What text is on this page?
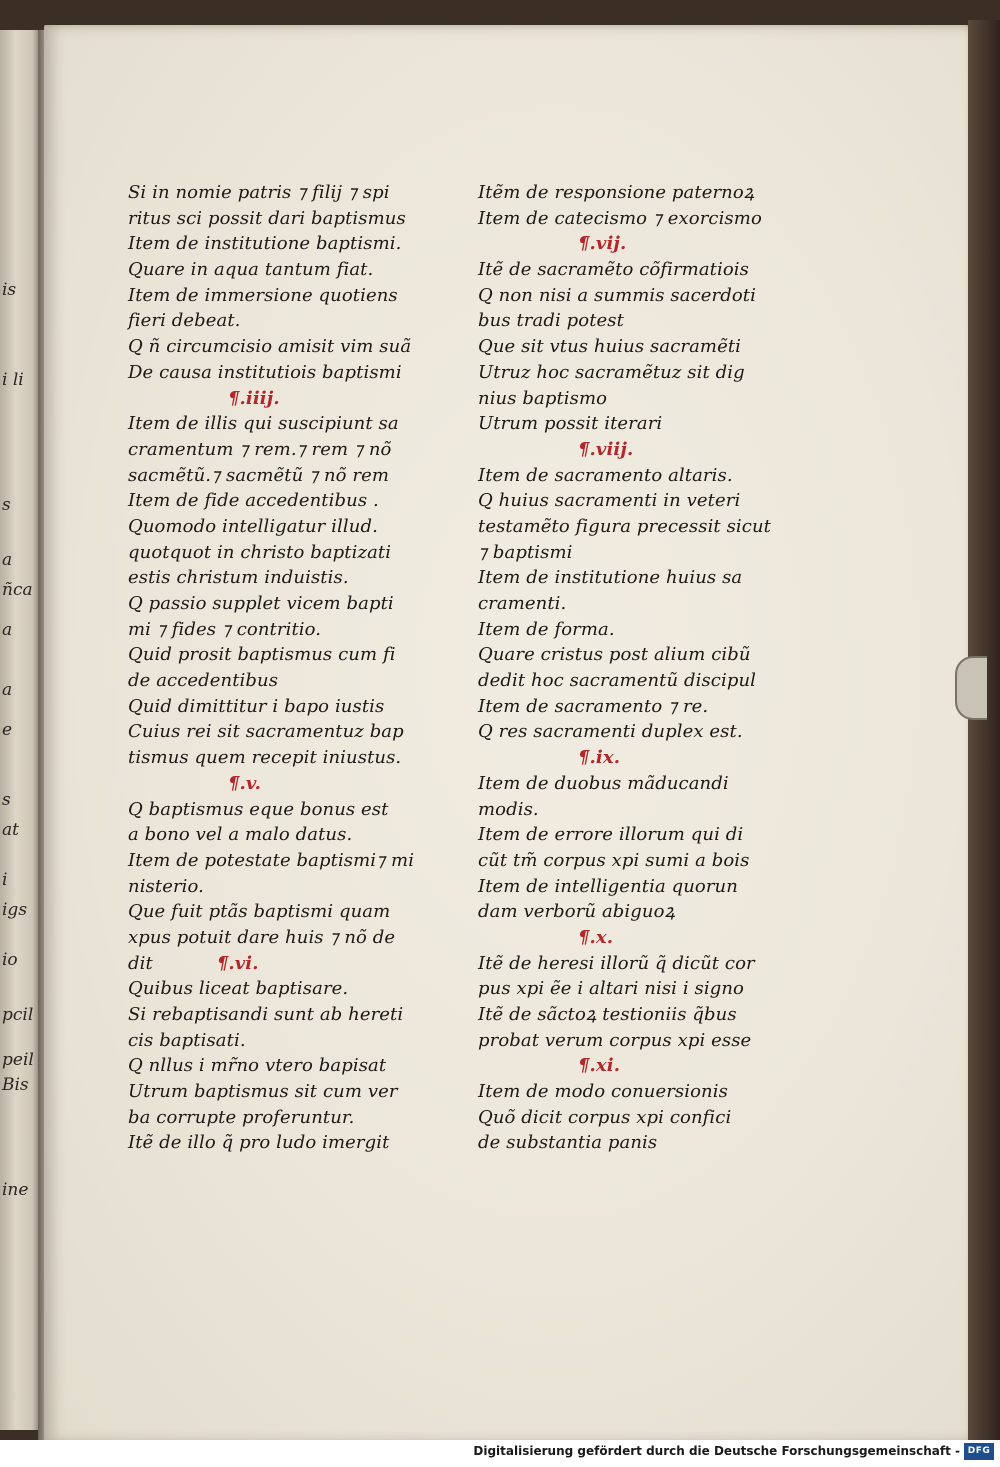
is
i li
s
a
ñca
a
a
e
s
at
i
igs
io
pcil
peil
Bis
ine
Si in nomie patris ⁊ filij ⁊ spi
ritus sci possit dari baptismus
Item de institutione baptismi.
Quare in aqua tantum fiat.
Item de immersione quotiens
fieri debeat.
Q ñ circumcisio amisit vim suã
De causa institutiois baptismi
¶.iiij.
Item de illis qui suscipiunt sa
cramentum ⁊ rem.⁊ rem ⁊ nõ
sacmẽtũ.⁊ sacmẽtũ ⁊ nõ rem
Item de fide accedentibus .
Quomodo intelligatur illud.
quotquot in christo baptizati
estis christum induistis.
Q passio supplet vicem bapti
mi ⁊ fides ⁊ contritio.
Quid prosit baptismus cum fi
de accedentibus
Quid dimittitur i bapo iustis
Cuius rei sit sacramentuz bap
tismus quem recepit iniustus.
¶.v.
Q baptismus eque bonus est
a bono vel a malo datus.
Item de potestate baptismi⁊ mi
nisterio.
Que fuit ptãs baptismi quam
xpus potuit dare huis ⁊ nõ de
dit	¶.vi.
Quibus liceat baptisare.
Si rebaptisandi sunt ab hereti
cis baptisati.
Q nllus i mr̃no vtero bapisat
Utrum baptismus sit cum ver
ba corrupte proferuntur.
Itẽ de illo q̃ pro ludo imergit
Itẽm de responsione paternoꝝ
Item de catecismo ⁊ exorcismo
¶.vij.
Itẽ de sacramẽto cõfirmatiois
Q non nisi a summis sacerdoti
bus tradi potest
Que sit vtus huius sacramẽti
Utruz hoc sacramẽtuz sit dig
nius baptismo
Utrum possit iterari
¶.viij.
Item de sacramento altaris.
Q huius sacramenti in veteri
testamẽto figura precessit sicut
⁊ baptismi
Item de institutione huius sa
cramenti.
Item de forma.
Quare cristus post alium cibũ
dedit hoc sacramentũ discipul
Item de sacramento ⁊ re.
Q res sacramenti duplex est.
¶.ix.
Item de duobus mãducandi
modis.
Item de errore illorum qui di
cũt tm̃ corpus xpi sumi a bois
Item de intelligentia quorun
dam verborũ abiguoꝝ
¶.x.
Itẽ de heresi illorũ q̃ dicũt cor
pus xpi ẽe i altari nisi i signo
Itẽ de sãctoꝝ testioniis q̃bus
probat verum corpus xpi esse
¶.xi.
Item de modo conuersionis
Quõ dicit corpus xpi confici
de substantia panis
Digitalisierung gefördert durch die Deutsche Forschungsgemeinschaft - DFG
